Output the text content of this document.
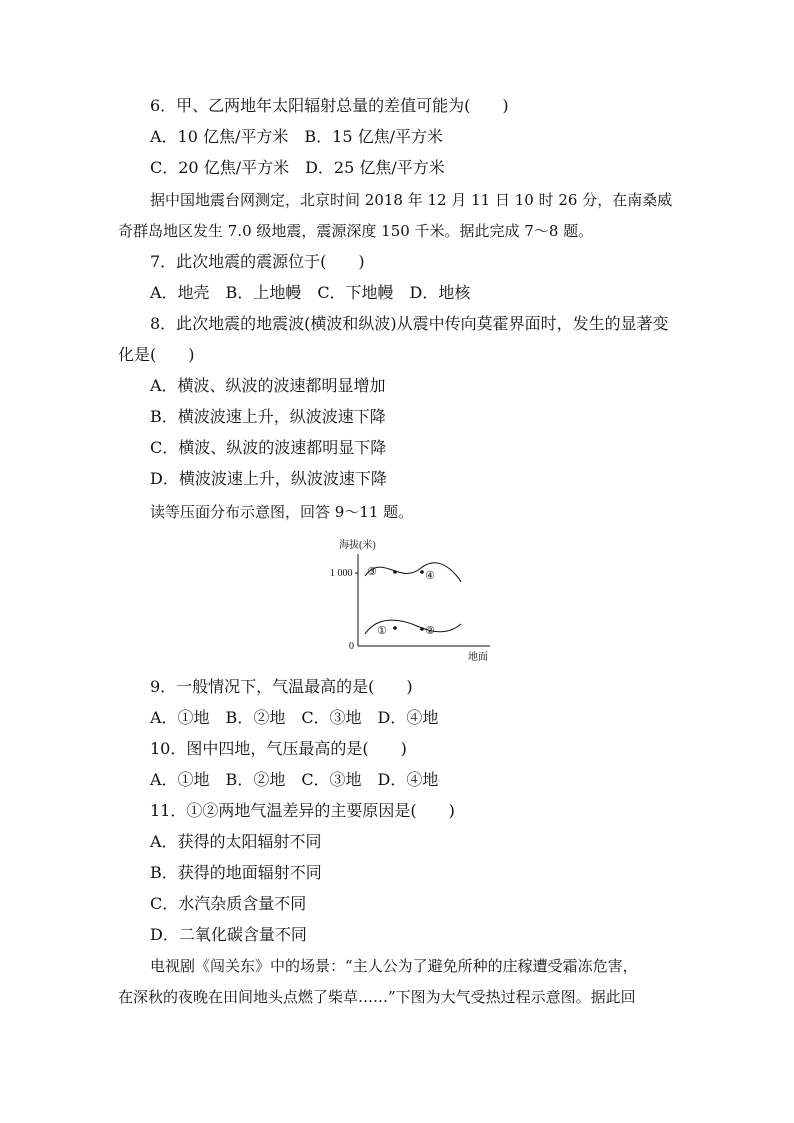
6．甲、乙两地年太阳辐射总量的差值可能为(　　)
A．10 亿焦/平方米　B．15 亿焦/平方米
C．20 亿焦/平方米　D．25 亿焦/平方米
据中国地震台网测定，北京时间 2018 年 12 月 11 日 10 时 26 分，在南桑威
奇群岛地区发生 7.0 级地震，震源深度 150 千米。据此完成 7～8 题。
7．此次地震的震源位于(　　)
A．地壳　B．上地幔　C．下地幔　D．地核
8．此次地震的地震波(横波和纵波)从震中传向莫霍界面时，发生的显著变
化是(　　)
A．横波、纵波的波速都明显增加
B．横波波速上升，纵波波速下降
C．横波、纵波的波速都明显下降
D．横波波速上升，纵波波速下降
读等压面分布示意图，回答 9～11 题。
海拔(米)
1 000
0
地面
③	④
①	②
9．一般情况下，气温最高的是(　　)
A．①地　B．②地　C．③地　D．④地
10．图中四地，气压最高的是(　　)
A．①地　B．②地　C．③地　D．④地
11．①②两地气温差异的主要原因是(　　)
A．获得的太阳辐射不同
B．获得的地面辐射不同
C．水汽杂质含量不同
D．二氧化碳含量不同
电视剧《闯关东》中的场景：“主人公为了避免所种的庄稼遭受霜冻危害，
在深秋的夜晚在田间地头点燃了柴草……”下图为大气受热过程示意图。据此回
